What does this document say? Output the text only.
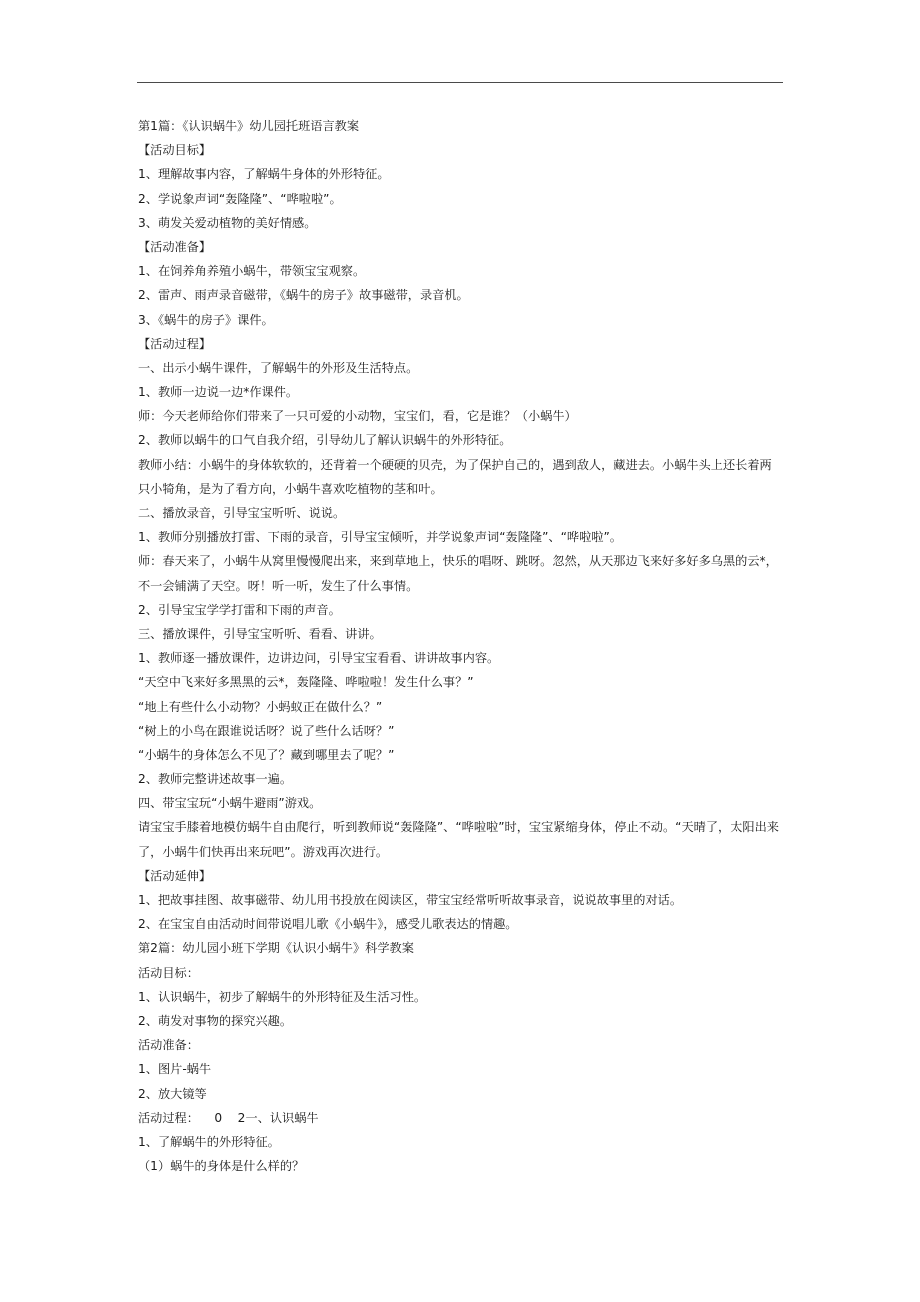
第1篇：《认识蜗牛》幼儿园托班语言教案
【活动目标】
1、理解故事内容，了解蜗牛身体的外形特征。
2、学说象声词“轰隆隆”、“哗啦啦”。
3、萌发关爱动植物的美好情感。
【活动准备】
1、在饲养角养殖小蜗牛，带领宝宝观察。
2、雷声、雨声录音磁带，《蜗牛的房子》故事磁带，录音机。
3、《蜗牛的房子》课件。
【活动过程】
一、出示小蜗牛课件，了解蜗牛的外形及生活特点。
1、教师一边说一边*作课件。
师：今天老师给你们带来了一只可爱的小动物，宝宝们，看，它是谁？（小蜗牛）
2、教师以蜗牛的口气自我介绍，引导幼儿了解认识蜗牛的外形特征。
教师小结：小蜗牛的身体软软的，还背着一个硬硬的贝壳，为了保护自己的，遇到敌人，藏进去。小蜗牛头上还长着两
只小犄角，是为了看方向，小蜗牛喜欢吃植物的茎和叶。
二、播放录音，引导宝宝听听、说说。
1、教师分别播放打雷、下雨的录音，引导宝宝倾听，并学说象声词“轰隆隆”、“哗啦啦”。
师：春天来了，小蜗牛从窝里慢慢爬出来，来到草地上，快乐的唱呀、跳呀。忽然，从天那边飞来好多好多乌黑的云*，
不一会铺满了天空。呀！听一听，发生了什么事情。
2、引导宝宝学学打雷和下雨的声音。
三、播放课件，引导宝宝听听、看看、讲讲。
1、教师逐一播放课件，边讲边问，引导宝宝看看、讲讲故事内容。
“天空中飞来好多黑黑的云*，轰隆隆、哗啦啦！发生什么事？”
“地上有些什么小动物？小蚂蚁正在做什么？”
“树上的小鸟在跟谁说话呀？说了些什么话呀？”
“小蜗牛的身体怎么不见了？藏到哪里去了呢？”
2、教师完整讲述故事一遍。
四、带宝宝玩“小蜗牛避雨”游戏。
请宝宝手膝着地模仿蜗牛自由爬行，听到教师说“轰隆隆”、“哗啦啦”时，宝宝紧缩身体，停止不动。“天晴了，太阳出来
了，小蜗牛们快再出来玩吧”。游戏再次进行。
【活动延伸】
1、把故事挂图、故事磁带、幼儿用书投放在阅读区，带宝宝经常听听故事录音，说说故事里的对话。
2、在宝宝自由活动时间带说唱儿歌《小蜗牛》，感受儿歌表达的情趣。
第2篇：幼儿园小班下学期《认识小蜗牛》科学教案
活动目标：
1、认识蜗牛，初步了解蜗牛的外形特征及生活习性。
2、萌发对事物的探究兴趣。
活动准备：
1、图片-蜗牛
2、放大镜等
活动过程：    0    2一、认识蜗牛
1、了解蜗牛的外形特征。
（1）蜗牛的身体是什么样的？
